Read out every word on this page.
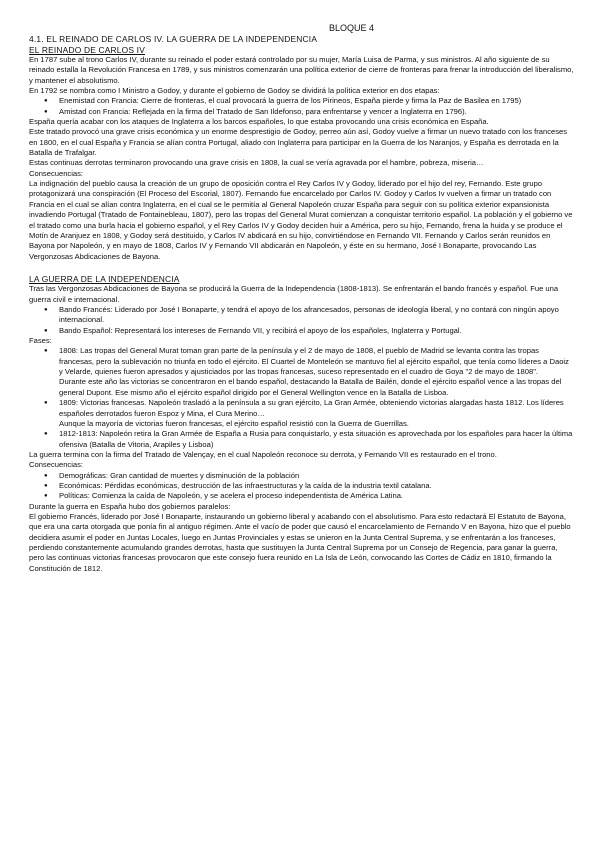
BLOQUE 4
4.1. EL REINADO DE CARLOS IV. LA GUERRA DE LA INDEPENDENCIA
EL REINADO DE CARLOS IV

En 1787 sube al trono Carlos IV, durante su reinado el poder estará controlado por su mujer, María Luisa de Parma, y sus ministros. Al año siguiente de su reinado estalla la Revolución Francesa en 1789, y sus ministros comenzarán una política exterior de cierre de fronteras para frenar la introducción del liberalismo, y mantener el absolutismo.

En 1792 se nombra como I Ministro a Godoy, y durante el gobierno de Godoy se dividirá la política exterior en dos etapas:

● Enemistad con Francia: Cierre de fronteras, el cual provocará la guerra de los Pirineos, España pierde y firma la Paz de Basilea en 1795)

● Amistad con Francia: Reflejada en la firma del Tratado de San Ildefonso, para enfrentarse y vencer a Inglaterra en 1796).

España quería acabar con los ataques de Inglaterra a los barcos españoles, lo que estaba provocando una crisis económica en España.

Este tratado provocó una grave crisis económica y un enorme desprestigio de Godoy, perreo aún así, Godoy vuelve a firmar un nuevo tratado con los franceses en 1800, en el cual España y Francia se alían contra Portugal, aliado con Inglaterra para participar en la Guerra de los Naranjos, y España es derrotada en la Batalla de Trafalgar.

Estas continuas derrotas terminaron provocando una grave crisis en 1808, la cual se vería agravada por el hambre, pobreza, miseria…

Consecuencias:

La indignación del pueblo causa la creación de un grupo de oposición contra el Rey Carlos IV y Godoy, liderado por el hijo del rey, Fernando. Este grupo protagonizará una conspiración (El Proceso del Escorial, 1807). Fernando fue encarcelado por Carlos IV. Godoy y Carlos Iv vuelven a firmar un tratado con Francia en el cual se alían contra Inglaterra, en el cual se le permitía al General Napoleón cruzar España para seguir con su política exterior expansionista invadiendo Portugal (Tratado de Fontainebleau, 1807), pero las tropas del General Murat comienzan a conquistar territorio español. La población y el gobierno ve el tratado como una burla hacia el gobierno español, y el Rey Carlos IV y Godoy deciden huir a América, pero su hijo, Fernando, frena la huida y se produce el Motín de Aranjuez en 1808, y Godoy será destituido, y Carlos IV abdicará en su hijo, convirtiéndose en Fernando VII. Fernando y Carlos serán reunidos en Bayona por Napoleón, y en mayo de 1808, Carlos IV y Fernando VII abdicarán en Napoleón, y éste en su hermano, José I Bonaparte, provocando Las Vergonzosas Abdicaciones de Bayona.

LA GUERRA DE LA INDEPENDENCIA

Tras las Vergonzosas Abdicaciones de Bayona se producirá la Guerra de la Independencia (1808-1813). Se enfrentarán el bando francés y español. Fue una guerra civil e internacional.

● Bando Francés: Liderado por José I Bonaparte, y tendrá el apoyo de los afrancesados, personas de ideología liberal, y no contará con ningún apoyo internacional.

● Bando Español: Representará los intereses de Fernando VII, y recibirá el apoyo de los españoles, Inglaterra y Portugal.

Fases:

● 1808: Las tropas del General Murat toman gran parte de la península y el 2 de mayo de 1808, el pueblo de Madrid se levanta contra las tropas francesas, pero la sublevación no triunfa en todo el ejército. El Cuartel de Monteleón se mantuvo fiel al ejército español, que tenía como líderes a Daoiz y Velarde, quienes fueron apresados y ajusticiados por las tropas francesas, suceso representado en el cuadro de Goya "2 de mayo de 1808".

Durante este año las victorias se concentraron en el bando español, destacando la Batalla de Bailén, donde el ejército español vence a las tropas del general Dupont. Ese mismo año el ejército español dirigido por el General Wellington vence en la Batalla de Lisboa.

● 1809: Victorias francesas. Napoleón trasladó a la península a su gran ejército, La Gran Armée, obteniendo victorias alargadas hasta 1812. Los líderes españoles derrotados fueron Espoz y Mina, el Cura Merino…

Aunque la mayoría de victorias fueron francesas, el ejército español resistió con la Guerra de Guerrillas.

● 1812-1813: Napoleón retira la Gran Armée de España a Rusia para conquistarlo, y esta situación es aprovechada por los españoles para hacer la última ofensiva (Batalla de Vitoria, Arapiles y Lisboa)

La guerra termina con la firma del Tratado de Valençay, en el cual Napoleón reconoce su derrota, y Fernando VII es restaurado en el trono.

Consecuencias:

● Demográficas: Gran cantidad de muertes y disminución de la población

● Económicas: Pérdidas económicas, destrucción de las infraestructuras y la caída de la industria textil catalana.

● Políticas: Comienza la caída de Napoleón, y se acelera el proceso independentista de América Latina.

Durante la guerra en España hubo dos gobiernos paralelos:

El gobierno Francés, liderado por José I Bonaparte, instaurando un gobierno liberal y acabando con el absolutismo. Para esto redactará El Estatuto de Bayona, que era una carta otorgada que ponía fin al antiguo régimen. Ante el vacío de poder que causó el encarcelamiento de Fernando V en Bayona, hizo que el pueblo decidiera asumir el poder en Juntas Locales, luego en Juntas Provinciales y estas se unieron en la Junta Central Suprema, y se enfrentarán a los franceses, perdiendo constantemente acumulando grandes derrotas, hasta que sustituyen la Junta Central Suprema por un Consejo de Regencia, para ganar la guerra, pero las continuas victorias francesas provocaron que este consejo fuera reunido en La Isla de León, convocando las Cortes de Cádiz en 1810, firmando la Constitución de 1812.
